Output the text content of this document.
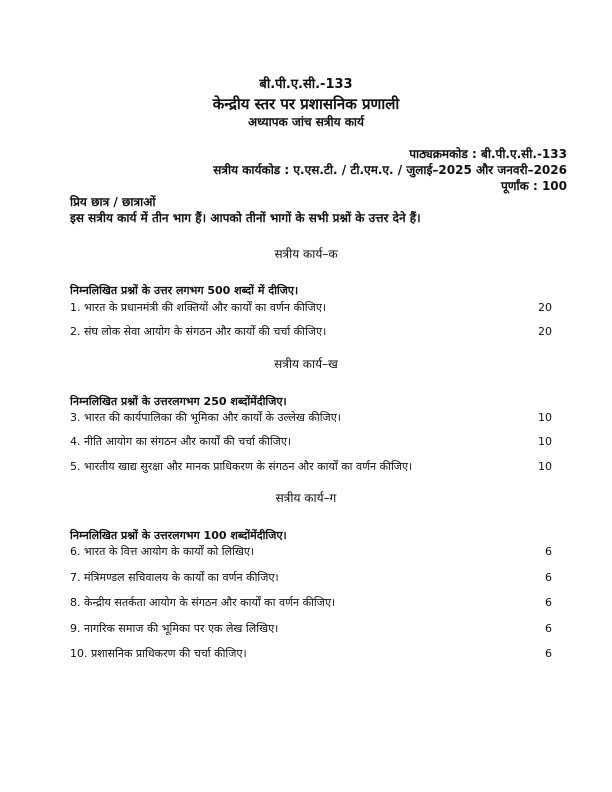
बी.पी.ए.सी.-133
केन्द्रीय स्तर पर प्रशासनिक प्रणाली
अध्यापक जांच सत्रीय कार्य
पाठ्यक्रमकोड : बी.पी.ए.सी.-133
सत्रीय कार्यकोड : ए.एस.टी. / टी.एम.ए. / जुलाई–2025 और जनवरी–2026
पूर्णांक : 100
प्रिय छात्र / छात्राओं
इस सत्रीय कार्य में तीन भाग हैं। आपको तीनों भागों के सभी प्रश्नों के उत्तर देने हैं।
सत्रीय कार्य–क
निम्नलिखित प्रश्नों के उत्तर लगभग 500 शब्दों में दीजिए।
1. भारत के प्रधानमंत्री की शक्तियों और कार्यों का वर्णन कीजिए।	20
2. संघ लोक सेवा आयोग के संगठन और कार्यों की चर्चा कीजिए।	20
सत्रीय कार्य–ख
निम्नलिखित प्रश्नों के उत्तरलगभग 250 शब्दोंमेंदीजिए।
3. भारत की कार्यपालिका की भूमिका और कार्यों के उल्लेख कीजिए।	10
4. नीति आयोग का संगठन और कार्यों की चर्चा कीजिए।	10
5. भारतीय खाद्य सुरक्षा और मानक प्राधिकरण के संगठन और कार्यों का वर्णन कीजिए।	10
सत्रीय कार्य–ग
निम्नलिखित प्रश्नों के उत्तरलगभग 100 शब्दोंमेंदीजिए।
6. भारत के वित्त आयोग के कार्यों को लिखिए।	6
7. मंत्रिमण्डल सचिवालय के कार्यों का वर्णन कीजिए।	6
8. केन्द्रीय सतर्कता आयोग के संगठन और कार्यों का वर्णन कीजिए।	6
9. नागरिक समाज की भूमिका पर एक लेख लिखिए।	6
10. प्रशासनिक प्राधिकरण की चर्चा कीजिए।	6
